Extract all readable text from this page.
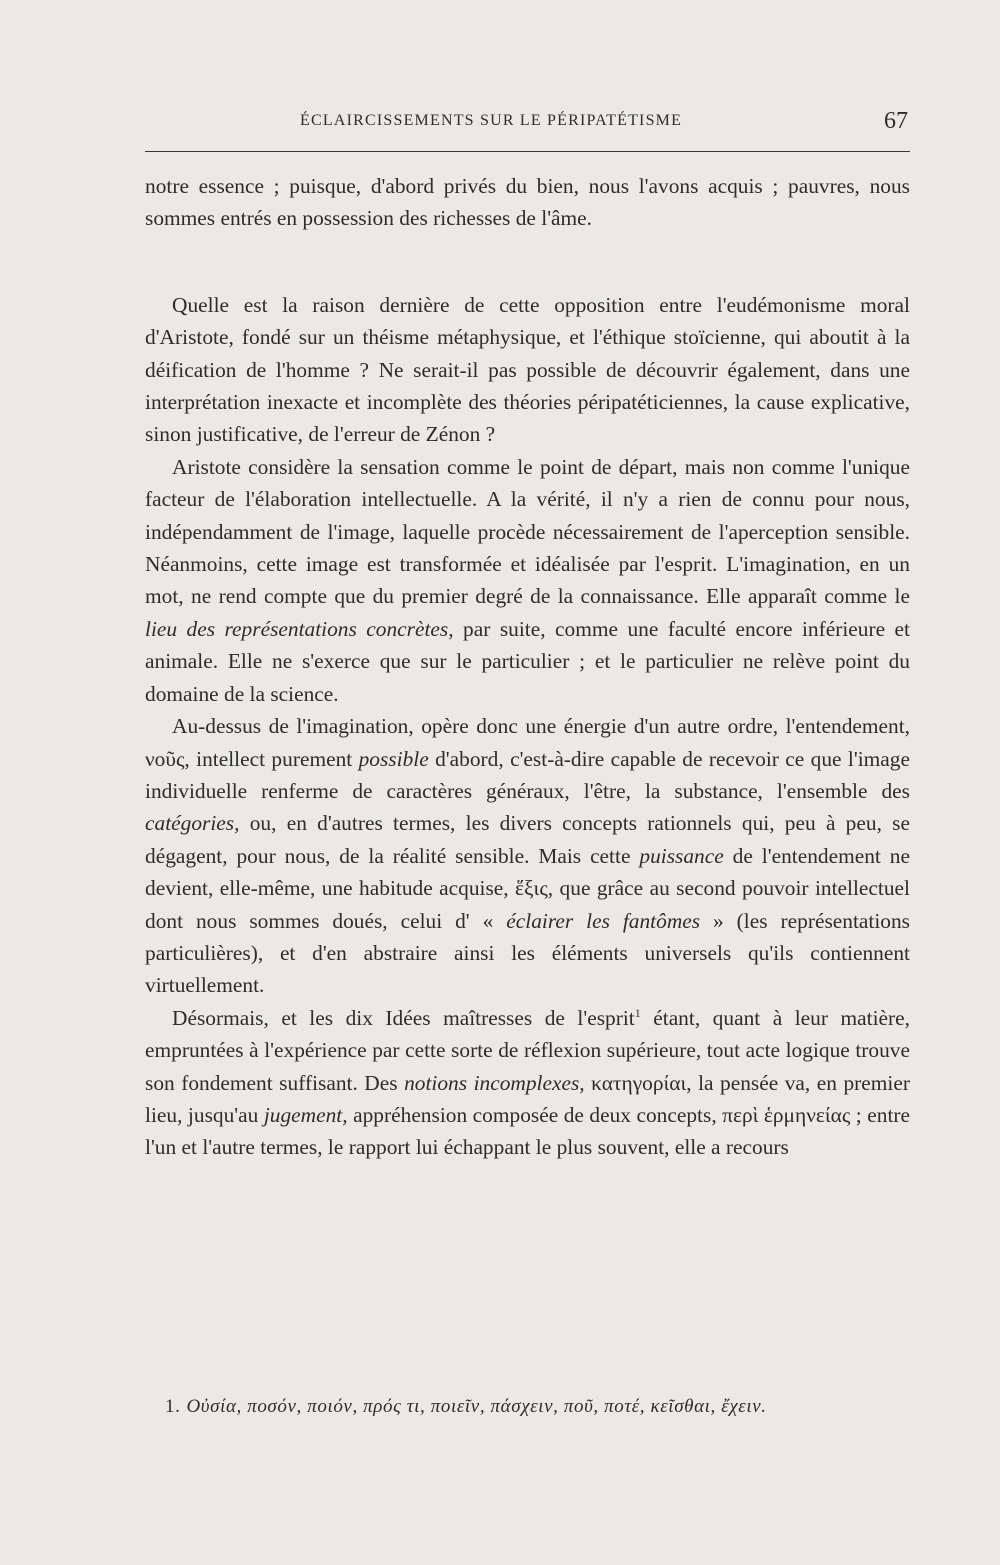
ÉCLAIRCISSEMENTS SUR LE PÉRIPATÉTISME	67

notre essence ; puisque, d'abord privés du bien, nous l'avons acquis ; pauvres, nous sommes entrés en possession des richesses de l'âme.

Quelle est la raison dernière de cette opposition entre l'eudémonisme moral d'Aristote, fondé sur un théisme métaphysique, et l'éthique stoïcienne, qui aboutit à la déification de l'homme ? Ne serait-il pas possible de découvrir également, dans une interprétation inexacte et incomplète des théories péripatéticiennes, la cause explicative, sinon justificative, de l'erreur de Zénon ?

Aristote considère la sensation comme le point de départ, mais non comme l'unique facteur de l'élaboration intellectuelle. A la vérité, il n'y a rien de connu pour nous, indépendamment de l'image, laquelle procède nécessairement de l'aperception sensible. Néanmoins, cette image est transformée et idéalisée par l'esprit. L'imagination, en un mot, ne rend compte que du premier degré de la connaissance. Elle apparaît comme le lieu des représentations concrètes, par suite, comme une faculté encore inférieure et animale. Elle ne s'exerce que sur le particulier ; et le particulier ne relève point du domaine de la science.

Au-dessus de l'imagination, opère donc une énergie d'un autre ordre, l'entendement, νοῦς, intellect purement possible d'abord, c'est-à-dire capable de recevoir ce que l'image individuelle renferme de caractères généraux, l'être, la substance, l'ensemble des catégories, ou, en d'autres termes, les divers concepts rationnels qui, peu à peu, se dégagent, pour nous, de la réalité sensible. Mais cette puissance de l'entendement ne devient, elle-même, une habitude acquise, ἕξις, que grâce au second pouvoir intellectuel dont nous sommes doués, celui d' « éclairer les fantômes » (les représentations particulières), et d'en abstraire ainsi les éléments universels qu'ils contiennent virtuellement.

Désormais, et les dix Idées maîtresses de l'esprit$^1$ étant, quant à leur matière, empruntées à l'expérience par cette sorte de réflexion supérieure, tout acte logique trouve son fondement suffisant. Des notions incomplexes, κατηγορίαι, la pensée va, en premier lieu, jusqu'au jugement, appréhension composée de deux concepts, περὶ ἑρμηνείας ; entre l'un et l'autre termes, le rapport lui échappant le plus souvent, elle a recours

1. Οὐσία, ποσόν, ποιόν, πρός τι, ποιεῖν, πάσχειν, ποῦ, ποτέ, κεῖσθαι, ἔχειν.
